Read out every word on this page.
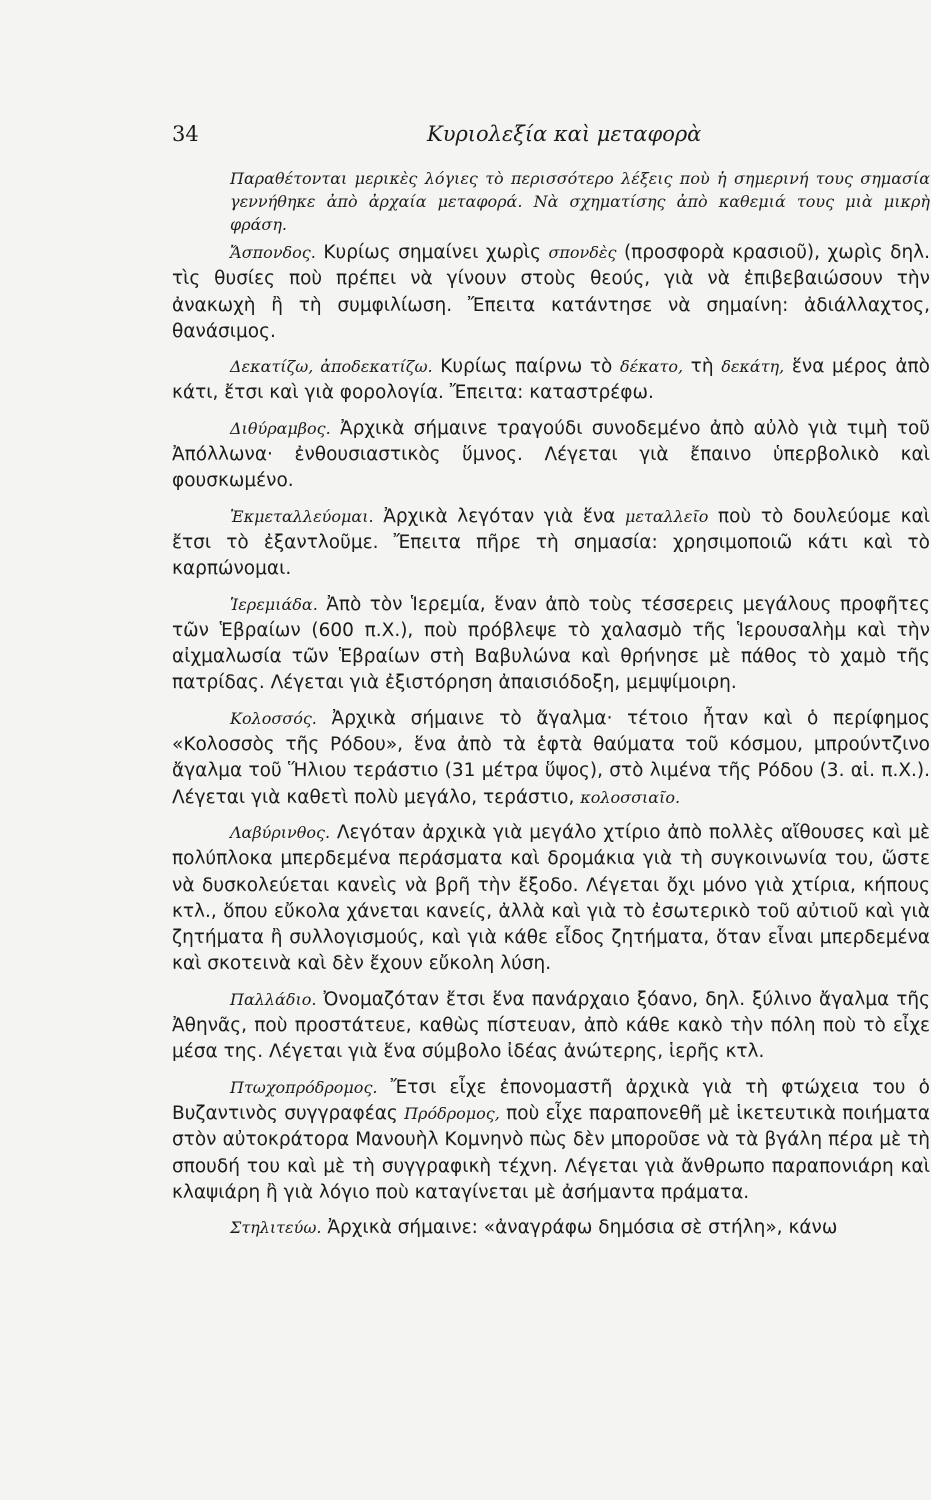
34	Κυριολεξία καὶ μεταφορὰ

Παραθέτονται μερικὲς λόγιες τὸ περισσότερο λέξεις ποὺ ἡ σημερινή τους σημασία γεννήθηκε ἀπὸ ἀρχαία μεταφορά. Νὰ σχηματίσης ἀπὸ καθεμιά τους μιὰ μικρὴ φράση.

Ἄσπονδος. Κυρίως σημαίνει χωρὶς σπονδὲς (προσφορὰ κρασιοῦ), χωρὶς δηλ. τὶς θυσίες ποὺ πρέπει νὰ γίνουν στοὺς θεούς, γιὰ νὰ ἐπιβεβαιώσουν τὴν ἀνακωχὴ ἢ τὴ συμφιλίωση. Ἔπειτα κατάντησε νὰ σημαίνη: ἀδιάλλαχτος, θανάσιμος.

Δεκατίζω, ἀποδεκατίζω. Κυρίως παίρνω τὸ δέκατο, τὴ δεκάτη, ἕνα μέρος ἀπὸ κάτι, ἔτσι καὶ γιὰ φορολογία. Ἔπειτα: καταστρέφω.

Διθύραμβος. Ἀρχικὰ σήμαινε τραγούδι συνοδεμένο ἀπὸ αὐλὸ γιὰ τιμὴ τοῦ Ἀπόλλωνα· ἐνθουσιαστικὸς ὕμνος. Λέγεται γιὰ ἔπαινο ὑπερβολικὸ καὶ φουσκωμένο.

Ἐκμεταλλεύομαι. Ἀρχικὰ λεγόταν γιὰ ἕνα μεταλλεῖο ποὺ τὸ δουλεύομε καὶ ἔτσι τὸ ἐξαντλοῦμε. Ἔπειτα πῆρε τὴ σημασία: χρησιμοποιῶ κάτι καὶ τὸ καρπώνομαι.

Ἱερεμιάδα. Ἀπὸ τὸν Ἱερεμία, ἕναν ἀπὸ τοὺς τέσσερεις μεγάλους προφῆτες τῶν Ἑβραίων (600 π.Χ.), ποὺ πρόβλεψε τὸ χαλασμὸ τῆς Ἱερουσαλὴμ καὶ τὴν αἰχμαλωσία τῶν Ἑβραίων στὴ Βαβυλώνα καὶ θρήνησε μὲ πάθος τὸ χαμὸ τῆς πατρίδας. Λέγεται γιὰ ἐξιστόρηση ἀπαισιόδοξη, μεμψίμοιρη.

Κολοσσός. Ἀρχικὰ σήμαινε τὸ ἄγαλμα· τέτοιο ἦταν καὶ ὁ περίφημος «Κολοσσὸς τῆς Ρόδου», ἕνα ἀπὸ τὰ ἑφτὰ θαύματα τοῦ κόσμου, μπρούντζινο ἄγαλμα τοῦ Ἥλιου τεράστιο (31 μέτρα ὕψος), στὸ λιμένα τῆς Ρόδου (3. αἱ. π.Χ.). Λέγεται γιὰ καθετὶ πολὺ μεγάλο, τεράστιο, κολοσσιαῖο.

Λαβύρινθος. Λεγόταν ἀρχικὰ γιὰ μεγάλο χτίριο ἀπὸ πολλὲς αἴθουσες καὶ μὲ πολύπλοκα μπερδεμένα περάσματα καὶ δρομάκια γιὰ τὴ συγκοινωνία του, ὥστε νὰ δυσκολεύεται κανεὶς νὰ βρῆ τὴν ἔξοδο. Λέγεται ὄχι μόνο γιὰ χτίρια, κήπους κτλ., ὅπου εὔκολα χάνεται κανείς, ἀλλὰ καὶ γιὰ τὸ ἐσωτερικὸ τοῦ αὐτιοῦ καὶ γιὰ ζητήματα ἢ συλλογισμούς, καὶ γιὰ κάθε εἶδος ζητήματα, ὅταν εἶναι μπερδεμένα καὶ σκοτεινὰ καὶ δὲν ἔχουν εὔκολη λύση.

Παλλάδιο. Ὀνομαζόταν ἔτσι ἕνα πανάρχαιο ξόανο, δηλ. ξύλινο ἄγαλμα τῆς Ἀθηνᾶς, ποὺ προστάτευε, καθὼς πίστευαν, ἀπὸ κάθε κακὸ τὴν πόλη ποὺ τὸ εἶχε μέσα της. Λέγεται γιὰ ἕνα σύμβολο ἰδέας ἀνώτερης, ἱερῆς κτλ.

Πτωχοπρόδρομος. Ἔτσι εἶχε ἐπονομαστῆ ἀρχικὰ γιὰ τὴ φτώχεια του ὁ Βυζαντινὸς συγγραφέας Πρόδρομος, ποὺ εἶχε παραπονεθῆ μὲ ἱκετευτικὰ ποιήματα στὸν αὐτοκράτορα Μανουὴλ Κομνηνὸ πὼς δὲν μποροῦσε νὰ τὰ βγάλη πέρα μὲ τὴ σπουδή του καὶ μὲ τὴ συγγραφικὴ τέχνη. Λέγεται γιὰ ἄνθρωπο παραπονιάρη καὶ κλαψιάρη ἢ γιὰ λόγιο ποὺ καταγίνεται μὲ ἀσήμαντα πράματα.

Στηλιτεύω. Ἀρχικὰ σήμαινε: «ἀναγράφω δημόσια σὲ στήλη», κάνω
